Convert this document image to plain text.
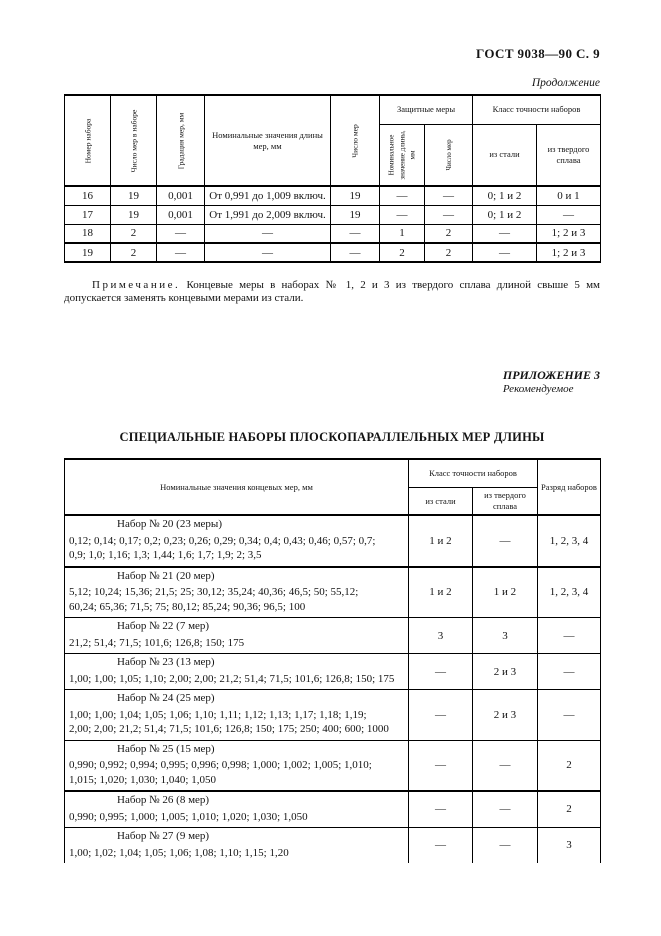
ГОСТ 9038—90 С. 9
Продолжение
Номер набора	Число мер в наборе	Градация мер, мм	Номинальные значения длины мер, мм	Число мер	Защитные меры		Класс точности наборов	

					Номинальное значение длины, мм	Число мер	из стали	из твердого сплава
16	19	0,001	От 0,991 до 1,009 включ.	19	—	—	0; 1 и 2	0 и 1
17	19	0,001	От 1,991 до 2,009 включ.	19	—	—	0; 1 и 2	—
18	2	—	—	—	1	2	—	1; 2 и 3
19	2	—	—	—	2	2	—	1; 2 и 3

Примечание. Концевые меры в наборах № 1, 2 и 3 из твердого сплава длиной свыше 5 мм допускается заменять концевыми мерами из стали.

ПРИЛОЖЕНИЕ 3
Рекомендуемое
СПЕЦИАЛЬНЫЕ НАБОРЫ ПЛОСКОПАРАЛЛЕЛЬНЫХ МЕР ДЛИНЫ
Номинальные значения концевых мер, мм	Класс точности наборов		Разряд наборов
	из стали	из твердого сплава	

Набор № 20 (23 меры)
0,12; 0,14; 0,17; 0,2; 0,23; 0,26; 0,29; 0,34; 0,4; 0,43; 0,46; 0,57; 0,7;
0,9; 1,0; 1,16; 1,3; 1,44; 1,6; 1,7; 1,9; 2; 3,5	1 и 2	—	1, 2, 3, 4

Набор № 21 (20 мер)
5,12; 10,24; 15,36; 21,5; 25; 30,12; 35,24; 40,36; 46,5; 50; 55,12;
60,24; 65,36; 71,5; 75; 80,12; 85,24; 90,36; 96,5; 100	1 и 2	1 и 2	1, 2, 3, 4

Набор № 22 (7 мер)
21,2; 51,4; 71,5; 101,6; 126,8; 150; 175	3	3	—

Набор № 23 (13 мер)
1,00; 1,00; 1,05; 1,10; 2,00; 2,00; 21,2; 51,4; 71,5; 101,6; 126,8; 150; 175	—	2 и 3	—

Набор № 24 (25 мер)
1,00; 1,00; 1,04; 1,05; 1,06; 1,10; 1,11; 1,12; 1,13; 1,17; 1,18; 1,19;
2,00; 2,00; 21,2; 51,4; 71,5; 101,6; 126,8; 150; 175; 250; 400; 600; 1000	—	2 и 3	—

Набор № 25 (15 мер)
0,990; 0,992; 0,994; 0,995; 0,996; 0,998; 1,000; 1,002; 1,005; 1,010;
1,015; 1,020; 1,030; 1,040; 1,050	—	—	2

Набор № 26 (8 мер)
0,990; 0,995; 1,000; 1,005; 1,010; 1,020; 1,030; 1,050	—	—	2

Набор № 27 (9 мер)
1,00; 1,02; 1,04; 1,05; 1,06; 1,08; 1,10; 1,15; 1,20	—	—	3
